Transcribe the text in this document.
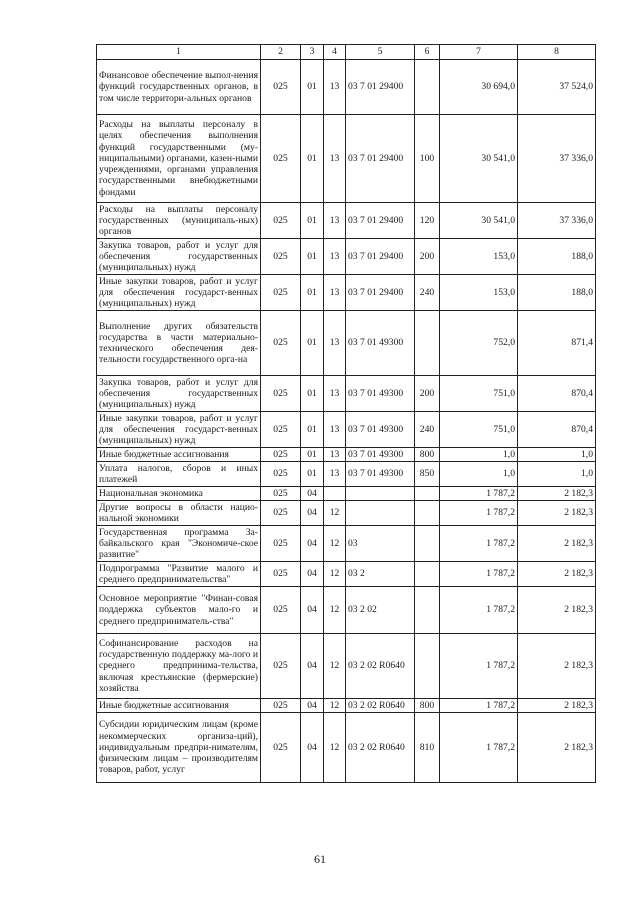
1	2	3	4	5	6	7	8
Финансовое обеспечение выпол-нения функций государственных органов, в том числе территори-альных органов	025	01	13	03 7 01 29400		30 694,0	37 524,0
Расходы на выплаты персоналу в целях обеспечения выполнения функций государственными (му-ниципальными) органами, казен-ными учреждениями, органами управления государственными внебюджетными фондами	025	01	13	03 7 01 29400	100	30 541,0	37 336,0
Расходы на выплаты персоналу государственных (муниципаль-ных) органов	025	01	13	03 7 01 29400	120	30 541,0	37 336,0
Закупка товаров, работ и услуг для обеспечения государственных (муниципальных) нужд	025	01	13	03 7 01 29400	200	153,0	188,0
Иные закупки товаров, работ и услуг для обеспечения государст-венных (муниципальных) нужд	025	01	13	03 7 01 29400	240	153,0	188,0
Выполнение других обязательств государства в части материально-технического обеспечения дея-тельности государственного орга-на	025	01	13	03 7 01 49300		752,0	871,4
Закупка товаров, работ и услуг для обеспечения государственных (муниципальных) нужд	025	01	13	03 7 01 49300	200	751,0	870,4
Иные закупки товаров, работ и услуг для обеспечения государст-венных (муниципальных) нужд	025	01	13	03 7 01 49300	240	751,0	870,4
Иные бюджетные ассигнования	025	01	13	03 7 01 49300	800	1,0	1,0
Уплата налогов, сборов и иных платежей	025	01	13	03 7 01 49300	850	1,0	1,0
Национальная экономика	025	04				1 787,2	2 182,3
Другие вопросы в области нацио-нальной экономики	025	04	12			1 787,2	2 182,3
Государственная программа За-байкальского края "Экономиче-ское развитие"	025	04	12	03		1 787,2	2 182,3
Подпрограмма "Развитие малого и среднего предпринимательства"	025	04	12	03 2		1 787,2	2 182,3
Основное мероприятие "Финан-совая поддержка субъектов мало-го и среднего предприниматель-ства"	025	04	12	03 2 02		1 787,2	2 182,3
Софинансирование расходов на государственную поддержку ма-лого и среднего предпринима-тельства, включая крестьянские (фермерские) хозяйства	025	04	12	03 2 02 R0640		1 787,2	2 182,3
Иные бюджетные ассигнования	025	04	12	03 2 02 R0640	800	1 787,2	2 182,3
Субсидии юридическим лицам (кроме некоммерческих организа-ций), индивидуальным предпри-нимателям, физическим лицам – производителям товаров, работ, услуг	025	04	12	03 2 02 R0640	810	1 787,2	2 182,3
61
